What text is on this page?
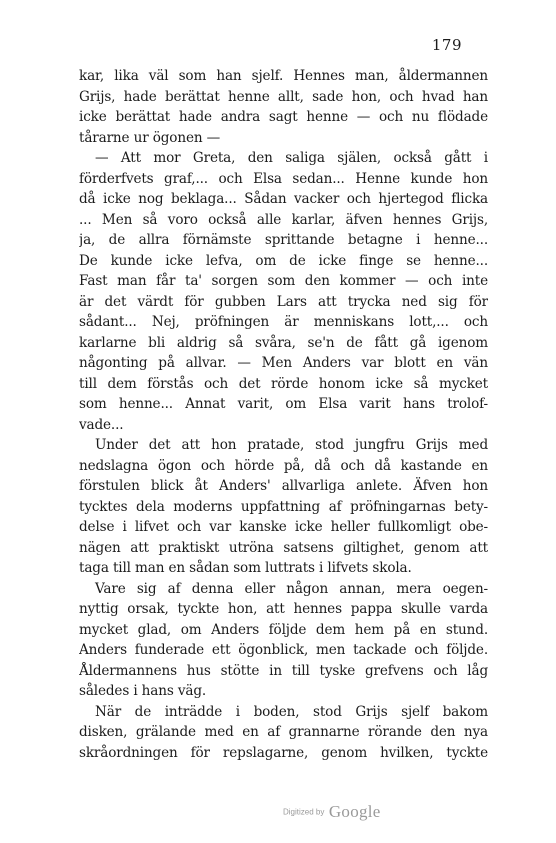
179
kar, lika väl som han sjelf. Hennes man, åldermannen
Grijs, hade berättat henne allt, sade hon, och hvad han
icke berättat hade andra sagt henne — och nu flödade
tårarne ur ögonen —
— Att mor Greta, den saliga själen, också gått i
förderfvets graf,... och Elsa sedan... Henne kunde hon
då icke nog beklaga... Sådan vacker och hjertegod flicka
... Men så voro också alle karlar, äfven hennes Grijs,
ja, de allra förnämste sprittande betagne i henne...
De kunde icke lefva, om de icke finge se henne...
Fast man får ta' sorgen som den kommer — och inte
är det värdt för gubben Lars att trycka ned sig för
sådant... Nej, pröfningen är menniskans lott,... och
karlarne bli aldrig så svåra, se'n de fått gå igenom
någonting på allvar. — Men Anders var blott en vän
till dem förstås och det rörde honom icke så mycket
som henne... Annat varit, om Elsa varit hans trolof-
vade...
Under det att hon pratade, stod jungfru Grijs med
nedslagna ögon och hörde på, då och då kastande en
förstulen blick åt Anders' allvarliga anlete. Äfven hon
tycktes dela moderns uppfattning af pröfningarnas bety-
delse i lifvet och var kanske icke heller fullkomligt obe-
nägen att praktiskt utröna satsens giltighet, genom att
taga till man en sådan som luttrats i lifvets skola.
Vare sig af denna eller någon annan, mera oegen-
nyttig orsak, tyckte hon, att hennes pappa skulle varda
mycket glad, om Anders följde dem hem på en stund.
Anders funderade ett ögonblick, men tackade och följde.
Åldermannens hus stötte in till tyske grefvens och låg
således i hans väg.
När de inträdde i boden, stod Grijs sjelf bakom
disken, grälande med en af grannarne rörande den nya
skråordningen för repslagarne, genom hvilken, tyckte
Digitized by Google
